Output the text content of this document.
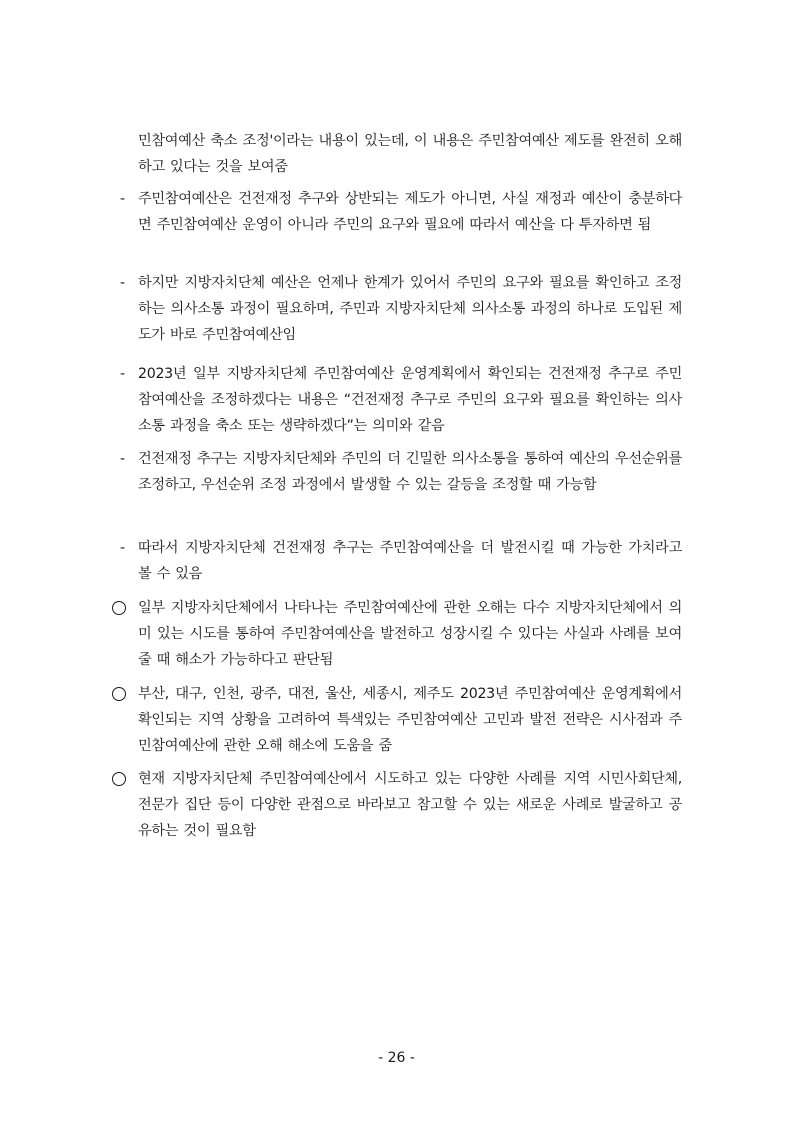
민참여예산 축소 조정'이라는 내용이 있는데, 이 내용은 주민참여예산 제도를 완전히 오해하고 있다는 것을 보여줌
- 주민참여예산은 건전재정 추구와 상반되는 제도가 아니면, 사실 재정과 예산이 충분하다면 주민참여예산 운영이 아니라 주민의 요구와 필요에 따라서 예산을 다 투자하면 됨
- 하지만 지방자치단체 예산은 언제나 한계가 있어서 주민의 요구와 필요를 확인하고 조정하는 의사소통 과정이 필요하며, 주민과 지방자치단체 의사소통 과정의 하나로 도입된 제도가 바로 주민참여예산임
- 2023년 일부 지방자치단체 주민참여예산 운영계획에서 확인되는 건전재정 추구로 주민참여예산을 조정하겠다는 내용은 “건전재정 추구로 주민의 요구와 필요를 확인하는 의사소통 과정을 축소 또는 생략하겠다”는 의미와 같음
- 건전재정 추구는 지방자치단체와 주민의 더 긴밀한 의사소통을 통하여 예산의 우선순위를 조정하고, 우선순위 조정 과정에서 발생할 수 있는 갈등을 조정할 때 가능함
- 따라서 지방자치단체 건전재정 추구는 주민참여예산을 더 발전시킬 때 가능한 가치라고 볼 수 있음
일부 지방자치단체에서 나타나는 주민참여예산에 관한 오해는 다수 지방자치단체에서 의미 있는 시도를 통하여 주민참여예산을 발전하고 성장시킬 수 있다는 사실과 사례를 보여줄 때 해소가 가능하다고 판단됨
부산, 대구, 인천, 광주, 대전, 울산, 세종시, 제주도 2023년 주민참여예산 운영계획에서 확인되는 지역 상황을 고려하여 특색있는 주민참여예산 고민과 발전 전략은 시사점과 주민참여예산에 관한 오해 해소에 도움을 줌
현재 지방자치단체 주민참여예산에서 시도하고 있는 다양한 사례를 지역 시민사회단체, 전문가 집단 등이 다양한 관점으로 바라보고 참고할 수 있는 새로운 사례로 발굴하고 공유하는 것이 필요함
- 26 -
